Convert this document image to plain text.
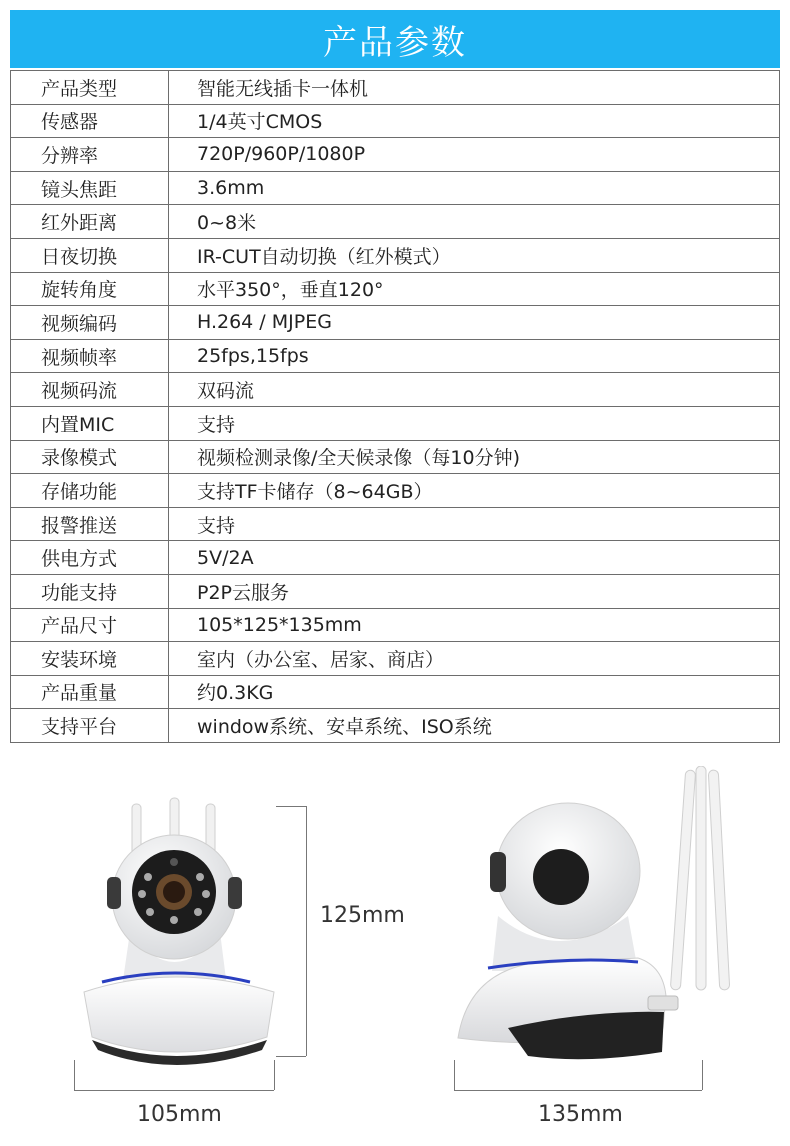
产品参数
产品类型	智能无线插卡一体机
传感器	1/4英寸CMOS
分辨率	720P/960P/1080P
镜头焦距	3.6mm
红外距离	0~8米
日夜切换	IR-CUT自动切换（红外模式）
旋转角度	水平350°，垂直120°
视频编码	H.264 / MJPEG
视频帧率	25fps,15fps
视频码流	双码流
内置MIC	支持
录像模式	视频检测录像/全天候录像（每10分钟)
存储功能	支持TF卡储存（8~64GB）
报警推送	支持
供电方式	5V/2A
功能支持	P2P云服务
产品尺寸	105*125*135mm
安装环境	室内（办公室、居家、商店）
产品重量	约0.3KG
支持平台	window系统、安卓系统、ISO系统
125mm
105mm	135mm
